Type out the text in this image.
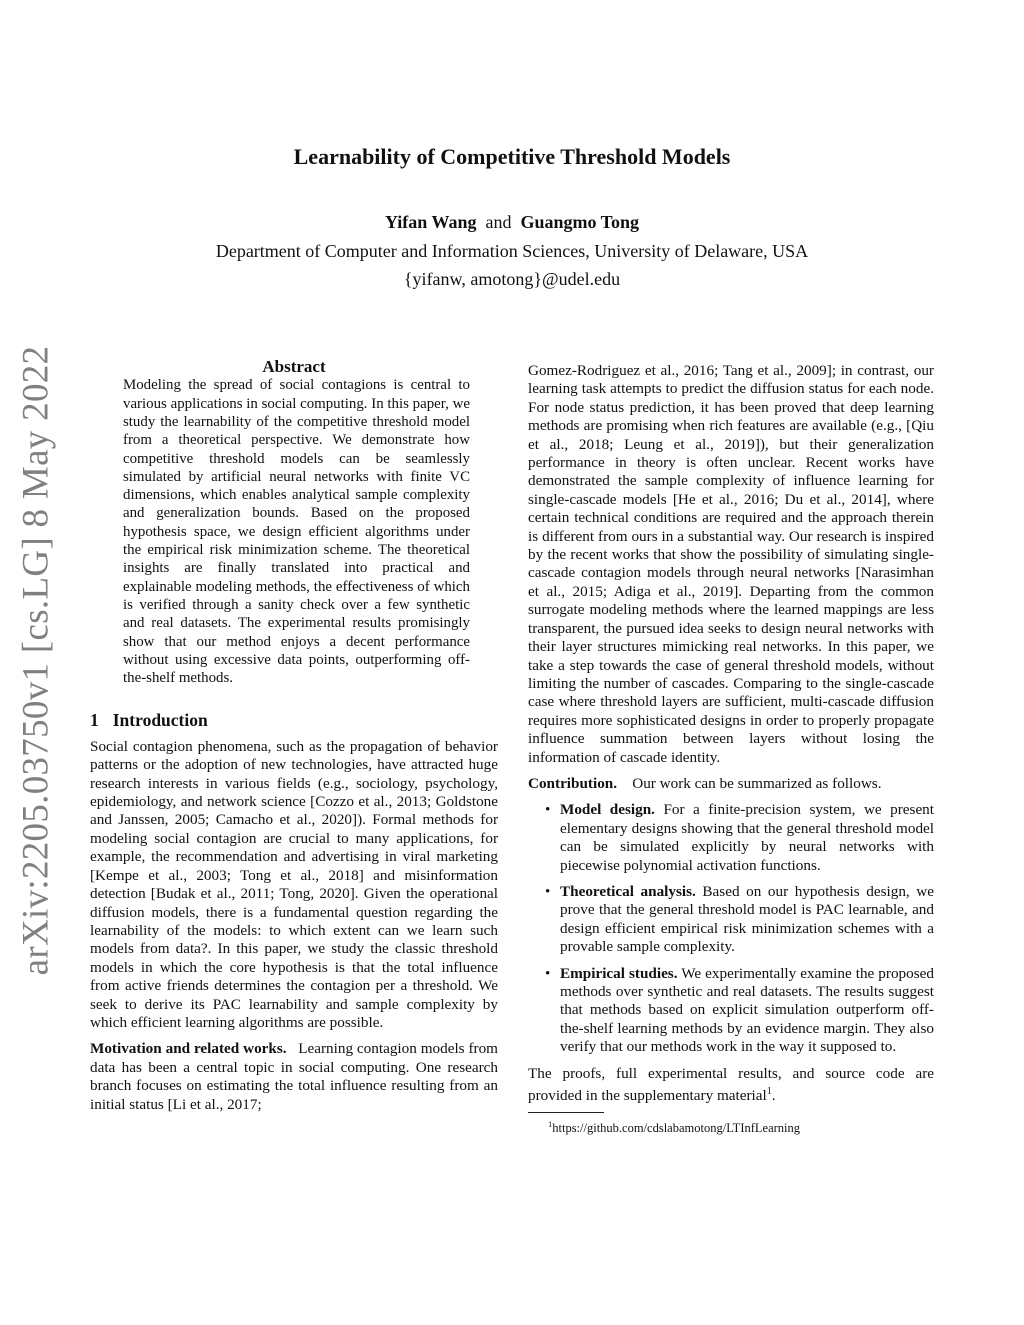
arXiv:2205.03750v1 [cs.LG] 8 May 2022
Learnability of Competitive Threshold Models
Yifan Wang and Guangmo Tong
Department of Computer and Information Sciences, University of Delaware, USA
{yifanw, amotong}@udel.edu

Abstract

Modeling the spread of social contagions is central to various applications in social computing. In this paper, we study the learnability of the competitive threshold model from a theoretical perspective. We demonstrate how competitive threshold models can be seamlessly simulated by artificial neural networks with finite VC dimensions, which enables analytical sample complexity and generalization bounds. Based on the proposed hypothesis space, we design efficient algorithms under the empirical risk minimization scheme. The theoretical insights are finally translated into practical and explainable modeling methods, the effectiveness of which is verified through a sanity check over a few synthetic and real datasets. The experimental results promisingly show that our method enjoys a decent performance without using excessive data points, outperforming off-the-shelf methods.

1 Introduction

Social contagion phenomena, such as the propagation of behavior patterns or the adoption of new technologies, have attracted huge research interests in various fields (e.g., sociology, psychology, epidemiology, and network science [Cozzo et al., 2013; Goldstone and Janssen, 2005; Camacho et al., 2020]). Formal methods for modeling social contagion are crucial to many applications, for example, the recommendation and advertising in viral marketing [Kempe et al., 2003; Tong et al., 2018] and misinformation detection [Budak et al., 2011; Tong, 2020]. Given the operational diffusion models, there is a fundamental question regarding the learnability of the models: to which extent can we learn such models from data?. In this paper, we study the classic threshold models in which the core hypothesis is that the total influence from active friends determines the contagion per a threshold. We seek to derive its PAC learnability and sample complexity by which efficient learning algorithms are possible.

Motivation and related works. Learning contagion models from data has been a central topic in social computing. One research branch focuses on estimating the total influence resulting from an initial status [Li et al., 2017;

Gomez-Rodriguez et al., 2016; Tang et al., 2009]; in contrast, our learning task attempts to predict the diffusion status for each node. For node status prediction, it has been proved that deep learning methods are promising when rich features are available (e.g., [Qiu et al., 2018; Leung et al., 2019]), but their generalization performance in theory is often unclear. Recent works have demonstrated the sample complexity of influence learning for single-cascade models [He et al., 2016; Du et al., 2014], where certain technical conditions are required and the approach therein is different from ours in a substantial way. Our research is inspired by the recent works that show the possibility of simulating single-cascade contagion models through neural networks [Narasimhan et al., 2015; Adiga et al., 2019]. Departing from the common surrogate modeling methods where the learned mappings are less transparent, the pursued idea seeks to design neural networks with their layer structures mimicking real networks. In this paper, we take a step towards the case of general threshold models, without limiting the number of cascades. Comparing to the single-cascade case where threshold layers are sufficient, multi-cascade diffusion requires more sophisticated designs in order to properly propagate influence summation between layers without losing the information of cascade identity.

Contribution. Our work can be summarized as follows.

• Model design. For a finite-precision system, we present elementary designs showing that the general threshold model can be simulated explicitly by neural networks with piecewise polynomial activation functions.
• Theoretical analysis. Based on our hypothesis design, we prove that the general threshold model is PAC learnable, and design efficient empirical risk minimization schemes with a provable sample complexity.
• Empirical studies. We experimentally examine the proposed methods over synthetic and real datasets. The results suggest that methods based on explicit simulation outperform off-the-shelf learning methods by an evidence margin. They also verify that our methods work in the way it supposed to.

The proofs, full experimental results, and source code are provided in the supplementary material$^1$.

$^1$https://github.com/cdslabamotong/LTInfLearning
